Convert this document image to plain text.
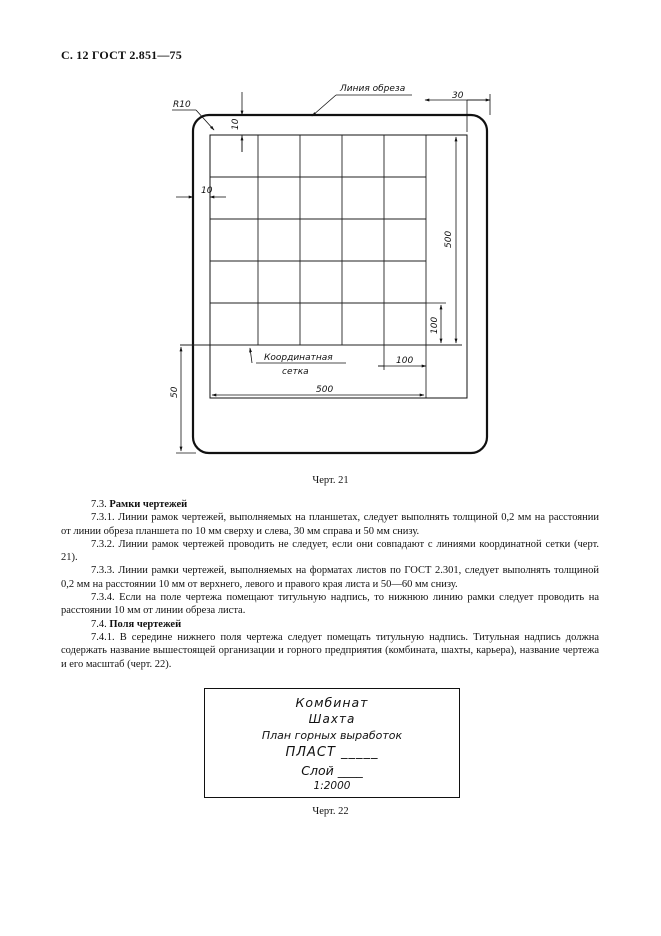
С. 12 ГОСТ 2.851—75
R10
Линия обреза
30
10
10
500
100
Координатная
сетка
100
500
50
Черт. 21

7.3. Рамки чертежей

7.3.1. Линии рамок чертежей, выполняемых на планшетах, следует выполнять толщиной 0,2 мм на расстоянии от линии обреза планшета по 10 мм сверху и слева, 30 мм справа и 50 мм снизу.

7.3.2. Линии рамок чертежей проводить не следует, если они совпадают с линиями координатной сетки (черт. 21).

7.3.3. Линии рамки чертежей, выполняемых на форматах листов по ГОСТ 2.301, следует выполнять толщиной 0,2 мм на расстоянии 10 мм от верхнего, левого и правого края листа и 50—60 мм снизу.

7.3.4. Если на поле чертежа помещают титульную надпись, то нижнюю линию рамки следует проводить на расстоянии 10 мм от линии обреза листа.

7.4. Поля чертежей

7.4.1. В середине нижнего поля чертежа следует помещать титульную надпись. Титульная надпись должна содержать название вышестоящей организации и горного предприятия (комбината, шахты, карьера), название чертежа и его масштаб (черт. 22).

Комбинат
Шахта
План горных выработок
ПЛАСТ _____
Слой ____
1:2000
Черт. 22
